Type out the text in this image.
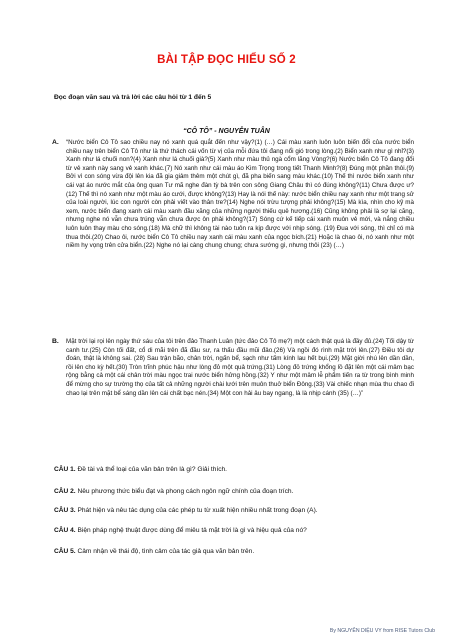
BÀI TẬP ĐỌC HIỂU SỐ 2
Đọc đoạn văn sau và trả lời các câu hỏi từ 1 đến 5
“CÔ TÔ” - NGUYỄN TUÂN
A. “Nước biển Cô Tô sao chiều nay nó xanh quá quắt đến như vậy?(1) (…) Cái màu xanh luôn luôn biến đổi của nước biển chiều nay trên biển Cô Tô như là thứ thách cái vốn từ vị của mỗi đứa tôi đang nổi gió trong lòng.(2) Biển xanh như gì nhỉ?(3) Xanh như lá chuối non?(4) Xanh như lá chuối già?(5) Xanh như màu thủ ngà cổm lãng Vòng?(6) Nước biển Cô Tô đang đổi từ vẻ xanh này sang vẻ xanh khác.(7) Nó xanh như cái màu áo Kim Trọng trong tiết Thanh Minh?(8) Đúng một phần thôi.(9) Bởi vì con sóng vừa đội lên kia đã gia giảm thêm một chút gì, đã pha biến sang màu khác.(10) Thế thì nước biển xanh như cái vạt áo nước mắt của ông quan Tư mã nghe đàn tỳ bà trên con sông Giang Châu thì có đúng không?(11) Chưa được ư?(12) Thế thì nó xanh như một màu áo cưới, được không?(13) Hay là nói thế này: nước biển chiều nay xanh như một trang sử của loài người, lúc con người còn phải viết vào thân tre?(14) Nghe nói trừu tượng phải không?(15) Mà kìa, nhìn cho kỹ mà xem, nước biển đang xanh cái màu xanh đầu xăng của những người thiếu quê hương.(16) Cũng không phải là sợ lại căng, nhưng nghe nó vẫn chưa trúng vẫn chưa được ôn phải không?(17) Sóng cứ kế tiếp cái xanh muôn vẻ mới, và nắng chiều luôn luôn thay màu cho sóng.(18) Mà chữ thì không tài nào tuôn ra kịp được với nhịp sóng. (19) Đua với sóng, thì chỉ có mà thua thôi.(20) Chao ôi, nước biển Cô Tô chiều nay xanh cái màu xanh của ngọc bích.(21) Hoặc là chao ôi, nó xanh như một niềm hy vọng trên cửa biển.(22) Nghe nó lại càng chung chung; chưa sướng gì, nhưng thôi (23) (…)
B. Mặt trời lại rọi lên ngày thứ sáu của tôi trên đảo Thanh Luân (tức đảo Cô Tô mẹ?) một cách thật quá là đầy đủ.(24) Tối dậy từ canh tư.(25) Còn tối đất, cổ di mãi trên đã đầu sư, ra thấu đầu mũi đảo.(26) Và ngồi đó rình mặt trời lên.(27) Điều tôi dự đoán, thật là không sai. (28) Sau trận bão, chân trời, ngấn bể, sạch như tấm kính lau hết bụi.(29) Mặt giời nhú lên dần dần, rồi lên cho kỳ hết.(30) Tròn trĩnh phúc hậu như lòng đỏ một quả trứng.(31) Lòng đỏ trứng khổng lồ đặt lên một cái mâm bạc rộng bằng cả một cái chân trời màu ngọc trai nước biển hửng hồng.(32) Y như một mâm lễ phẩm tiến ra từ trong bình minh để mừng cho sự trường thọ của tất cả những người chài lưới trên muôn thuở biển Đông.(33) Vài chiếc nhạn mùa thu chao đi chao lại trên mặt bể sáng dần lên cái chất bạc nén.(34) Một con hải âu bay ngang, là là nhịp cánh (35) (…)”
CÂU 1. Đề tài và thể loại của văn bản trên là gì? Giải thích.
CÂU 2. Nêu phương thức biểu đạt và phong cách ngôn ngữ chính của đoạn trích.
CÂU 3. Phát hiện và nêu tác dụng của các phép tu từ xuất hiện nhiều nhất trong đoạn (A).
CÂU 4. Biện pháp nghệ thuật được dùng để miêu tả mặt trời là gì và hiệu quả của nó?
CÂU 5. Cảm nhận về thái độ, tình cảm của tác giả qua văn bản trên.
By NGUYỄN DIỆU VY from RISE Tutors Club
